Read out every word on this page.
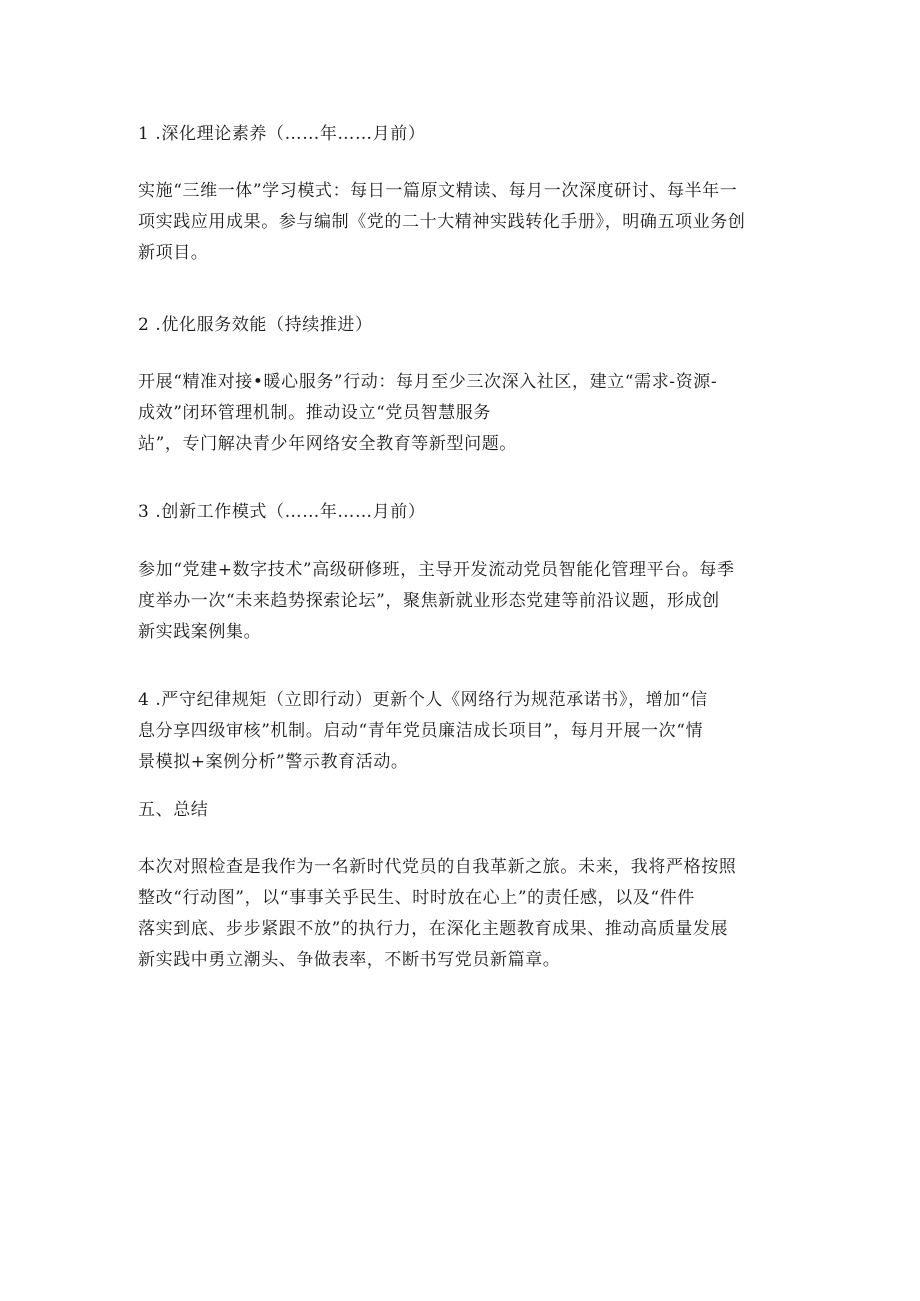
1 .深化理论素养（……年……月前）

实施“三维一体”学习模式：每日一篇原文精读、每月一次深度研讨、每半年一
项实践应用成果。参与编制《党的二十大精神实践转化手册》，明确五项业务创
新项目。

2 .优化服务效能（持续推进）

开展“精准对接•暖心服务”行动：每月至少三次深入社区，建立“需求-资源-
成效”闭环管理机制。推动设立“党员智慧服务
站”，专门解决青少年网络安全教育等新型问题。

3 .创新工作模式（……年……月前）

参加“党建+数字技术”高级研修班，主导开发流动党员智能化管理平台。每季
度举办一次“未来趋势探索论坛”，聚焦新就业形态党建等前沿议题，形成创
新实践案例集。

4 .严守纪律规矩（立即行动）更新个人《网络行为规范承诺书》，增加“信
息分享四级审核”机制。启动“青年党员廉洁成长项目”，每月开展一次“情
景模拟+案例分析”警示教育活动。

五、总结

本次对照检查是我作为一名新时代党员的自我革新之旅。未来，我将严格按照
整改“行动图”，以“事事关乎民生、时时放在心上”的责任感，以及“件件
落实到底、步步紧跟不放”的执行力，在深化主题教育成果、推动高质量发展
新实践中勇立潮头、争做表率，不断书写党员新篇章。
